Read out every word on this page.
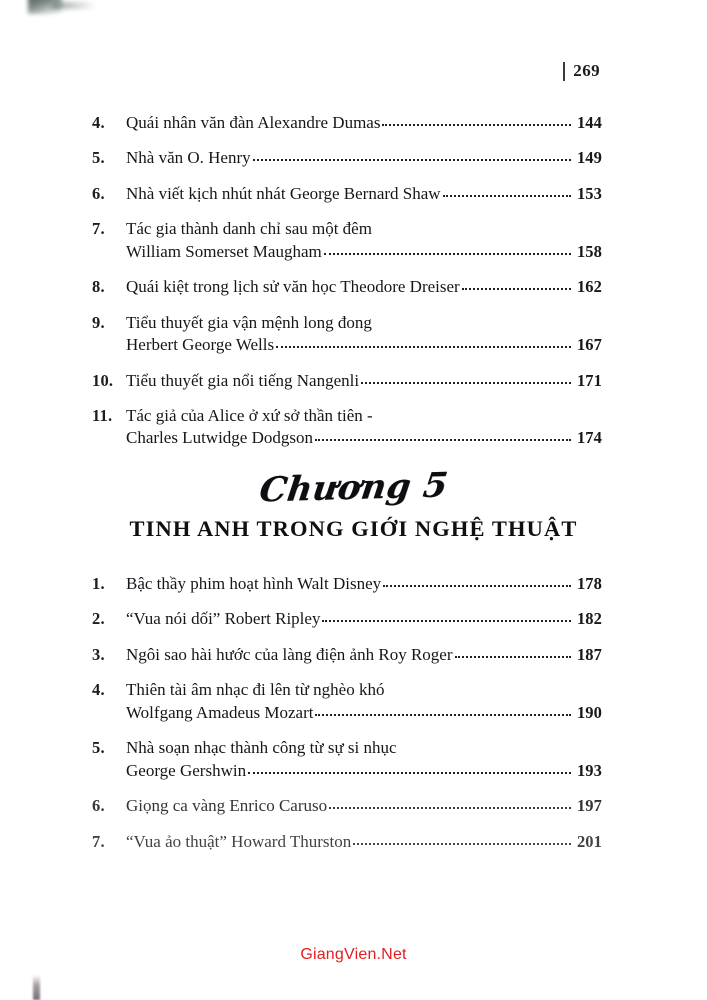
269
4.	Quái nhân văn đàn Alexandre Dumas	144
5.	Nhà văn O. Henry	149
6.	Nhà viết kịch nhút nhát George Bernard Shaw	153
7.	Tác gia thành danh chỉ sau một đêm
William Somerset Maugham	158
8.	Quái kiệt trong lịch sử văn học Theodore Dreiser	162
9.	Tiểu thuyết gia vận mệnh long đong
Herbert George Wells	167
10. Tiểu thuyết gia nổi tiếng Nangenli	171
11. Tác giả của Alice ở xứ sở thần tiên -
Charles Lutwidge Dodgson	174
Chương 5
TINH ANH TRONG GIỚI NGHỆ THUẬT
1.	Bậc thầy phim hoạt hình Walt Disney	178
2.	“Vua nói dối” Robert Ripley	182
3.	Ngôi sao hài hước của làng điện ảnh Roy Roger	187
4.	Thiên tài âm nhạc đi lên từ nghèo khó
Wolfgang Amadeus Mozart	190
5.	Nhà soạn nhạc thành công từ sự si nhục
George Gershwin	193
6.	Giọng ca vàng Enrico Caruso	197
7.	“Vua ảo thuật” Howard Thurston	201
GiangVien.Net
